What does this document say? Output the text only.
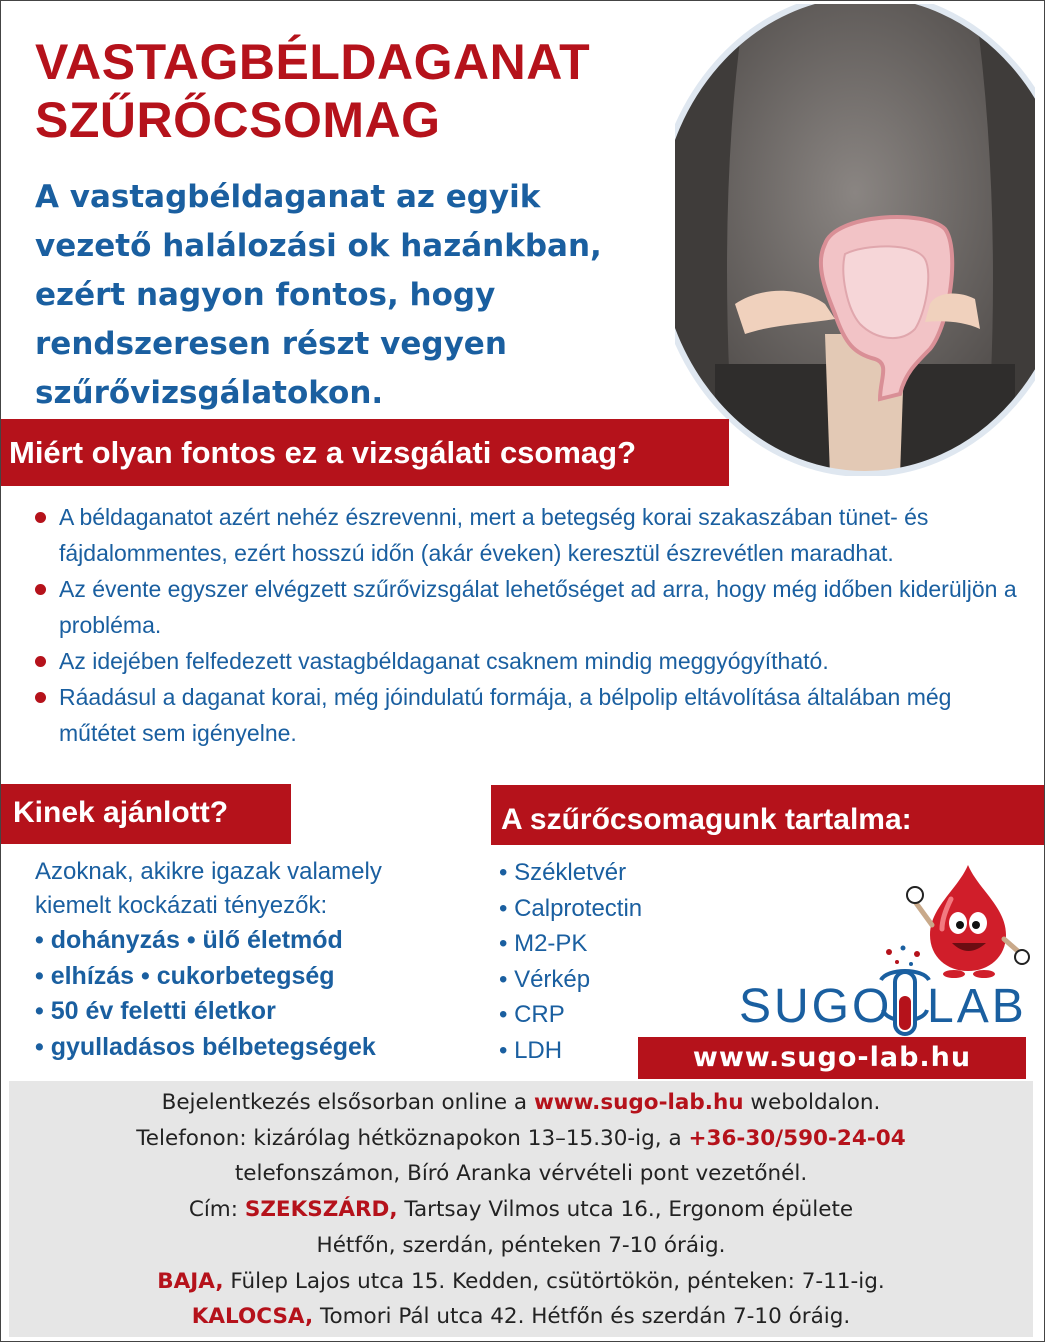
VASTAGBÉLDAGANAT
SZŰRŐCSOMAG

A vastagbéldaganat az egyik
vezető halálozási ok hazánkban,
ezért nagyon fontos, hogy
rendszeresen részt vegyen
szűrővizsgálatokon.

Miért olyan fontos ez a vizsgálati csomag?
A béldaganatot azért nehéz észrevenni, mert a betegség korai szakaszában tünet- és fájdalommentes, ezért hosszú időn (akár éveken) keresztül észrevétlen maradhat.
Az évente egyszer elvégzett szűrővizsgálat lehetőséget ad arra, hogy még időben kiderüljön a probléma.
Az idejében felfedezett vastagbéldaganat csaknem mindig meggyógyítható.
Ráadásul a daganat korai, még jóindulatú formája, a bélpolip eltávolítása általában még műtétet sem igényelne.
Kinek ajánlott?	A szűrőcsomagunk tartalma:

Azoknak, akikre igazak valamely
kiemelt kockázati tényezők:

• dohányzás • ülő életmód
• elhízás • cukorbetegség
• 50 év feletti életkor
• gyulladásos bélbetegségek
• Székletvér
• Calprotectin
• M2-PK
• Vérkép
• CRP
• LDH
SUGO LAB
www.sugo-lab.hu

Bejelentkezés elsősorban online a www.sugo-lab.hu weboldalon.

Telefonon: kizárólag hétköznapokon 13–15.30-ig, a +36-30/590-24-04

telefonszámon, Bíró Aranka vérvételi pont vezetőnél.

Cím: SZEKSZÁRD, Tartsay Vilmos utca 16., Ergonom épülete

Hétfőn, szerdán, pénteken 7-10 óráig.

BAJA, Fülep Lajos utca 15. Kedden, csütörtökön, pénteken: 7-11-ig.

KALOCSA, Tomori Pál utca 42. Hétfőn és szerdán 7-10 óráig.
